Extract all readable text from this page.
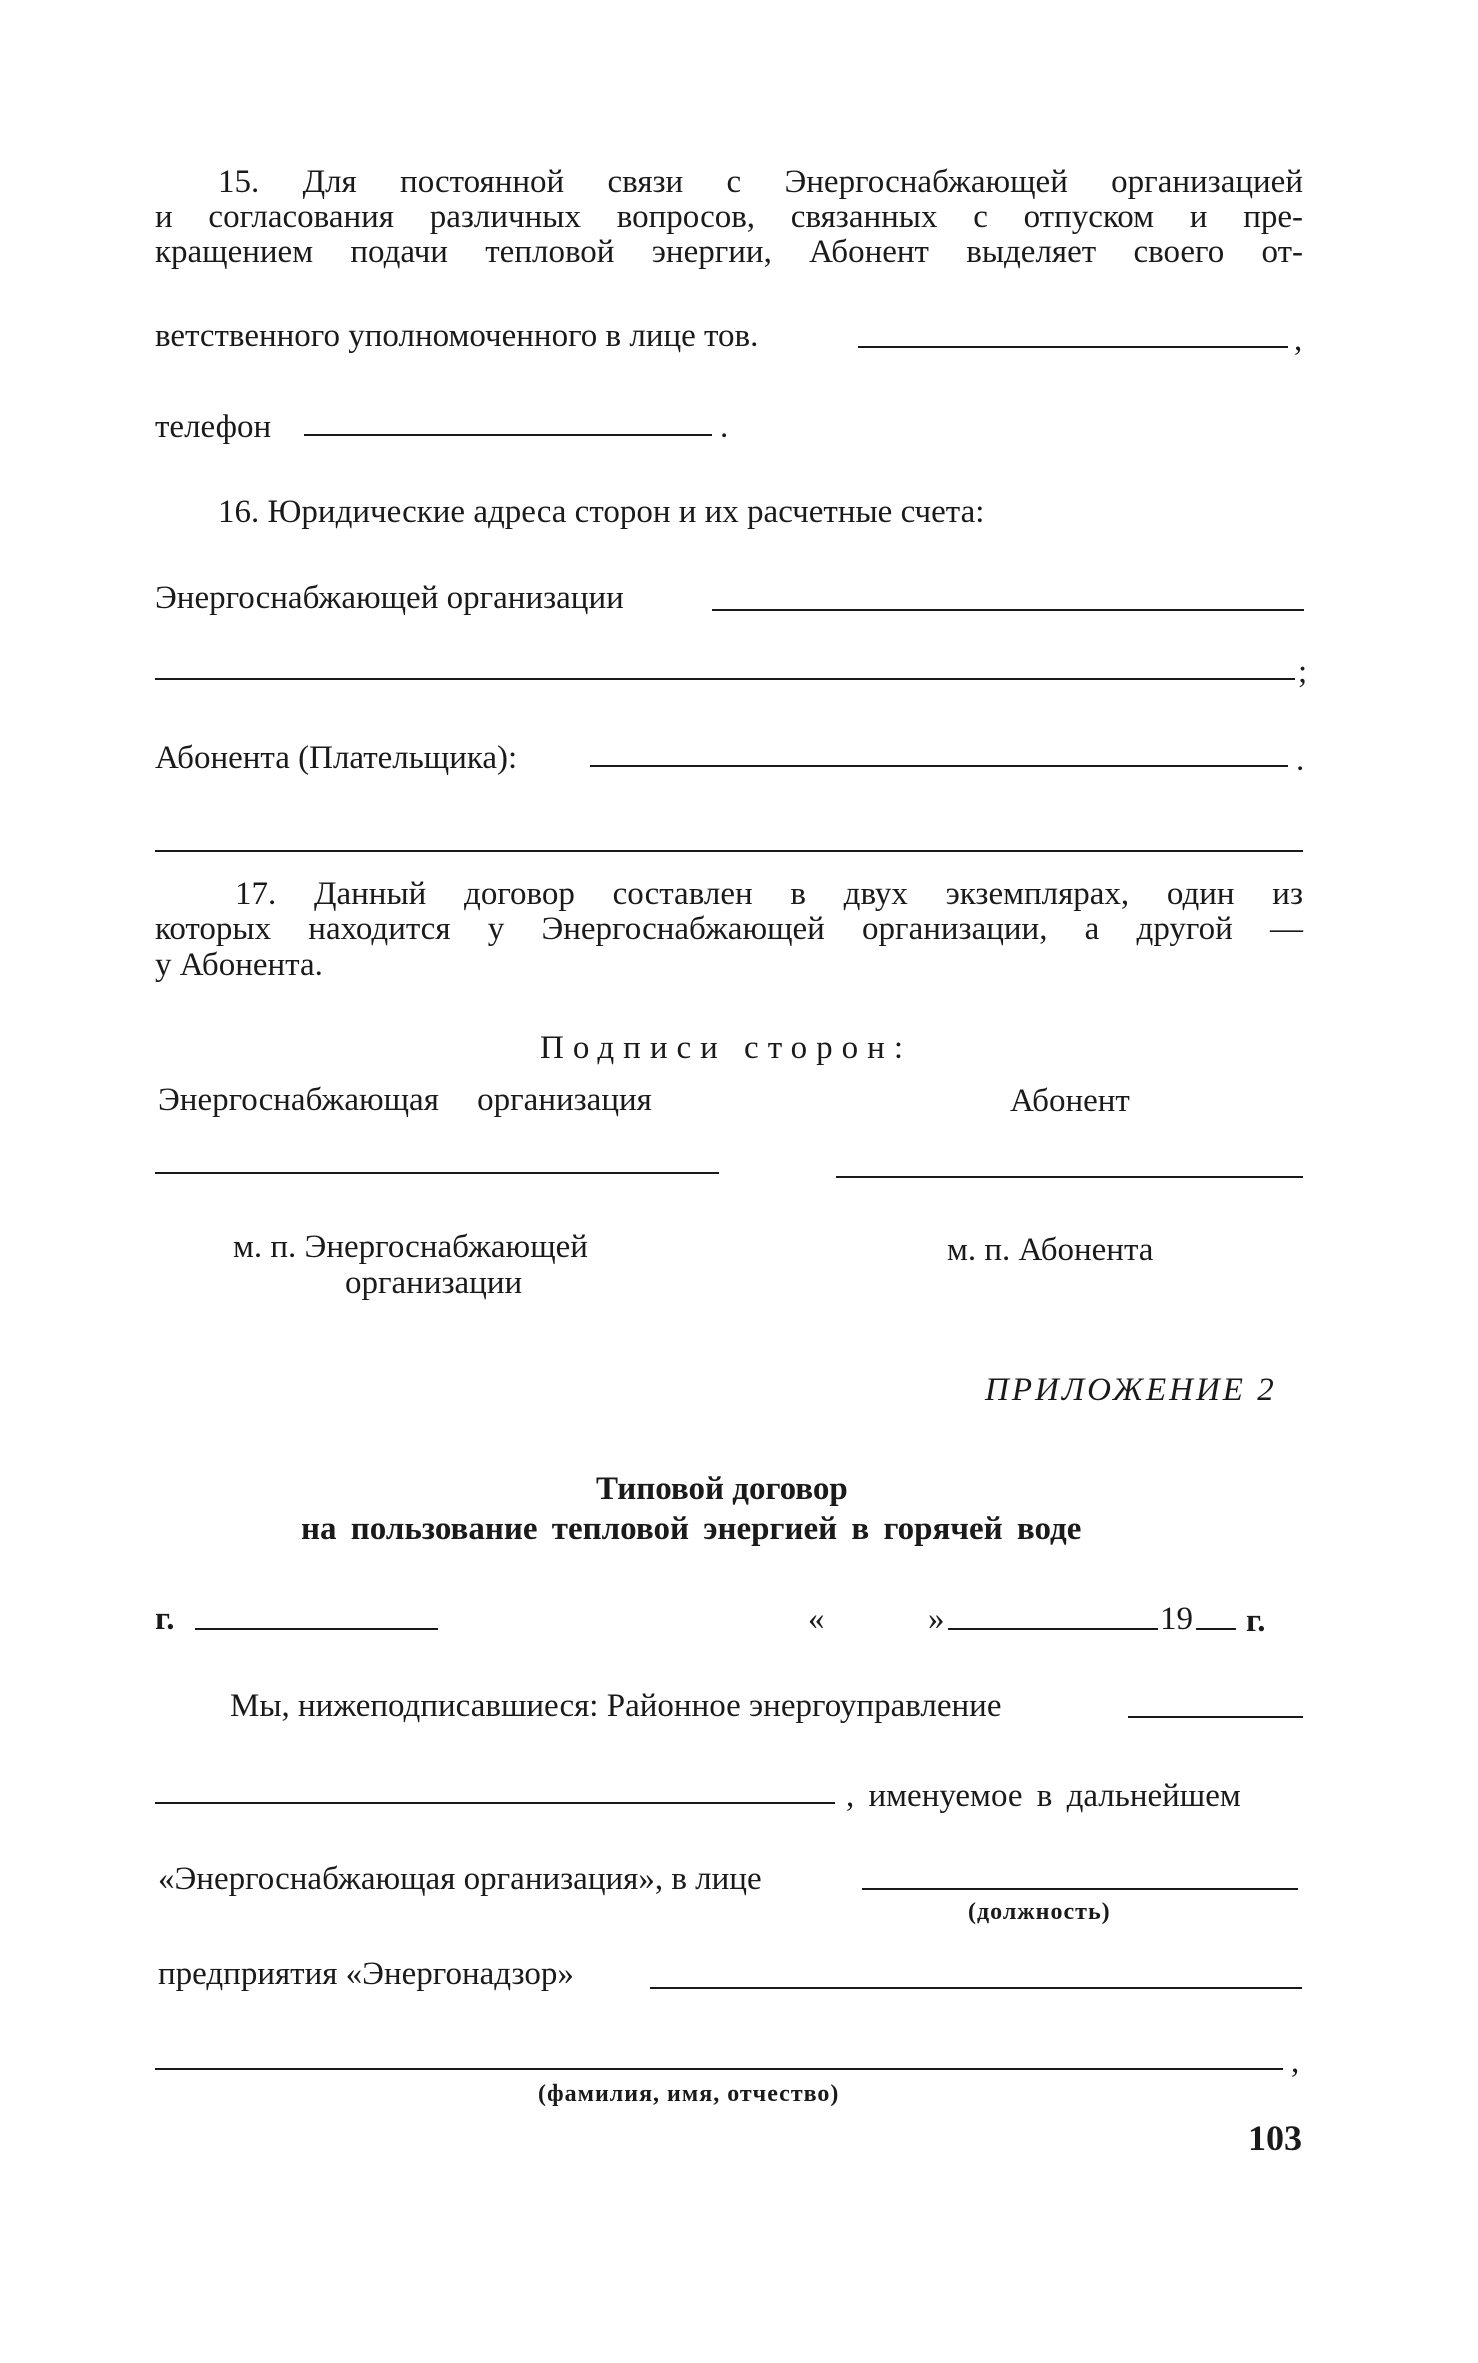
15. Для постоянной связи с Энергоснабжающей организацией
и согласования различных вопросов, связанных с отпуском и пре-
кращением подачи тепловой энергии, Абонент выделяет своего от-
ветственного уполномоченного в лице тов.	,
телефон	.
16. Юридические адреса сторон и их расчетные счета:
Энергоснабжающей организации
;
Абонента (Плательщика):	.
17. Данный договор составлен в двух экземплярах, один из
которых находится у Энергоснабжающей организации, а другой —
у Абонента.
Подписи сторон:
Энергоснабжающая организация	Абонент
м. п. Энергоснабжающей
организации
м. п. Абонента
ПРИЛОЖЕНИЕ 2
Типовой договор
на пользование тепловой энергией в горячей воде
г.	«	»	19 г.
Мы, нижеподписавшиеся: Районное энергоуправление
, именуемое в дальнейшем
«Энергоснабжающая организация», в лице
(должность)
предприятия «Энергонадзор»
,
(фамилия, имя, отчество)
103
